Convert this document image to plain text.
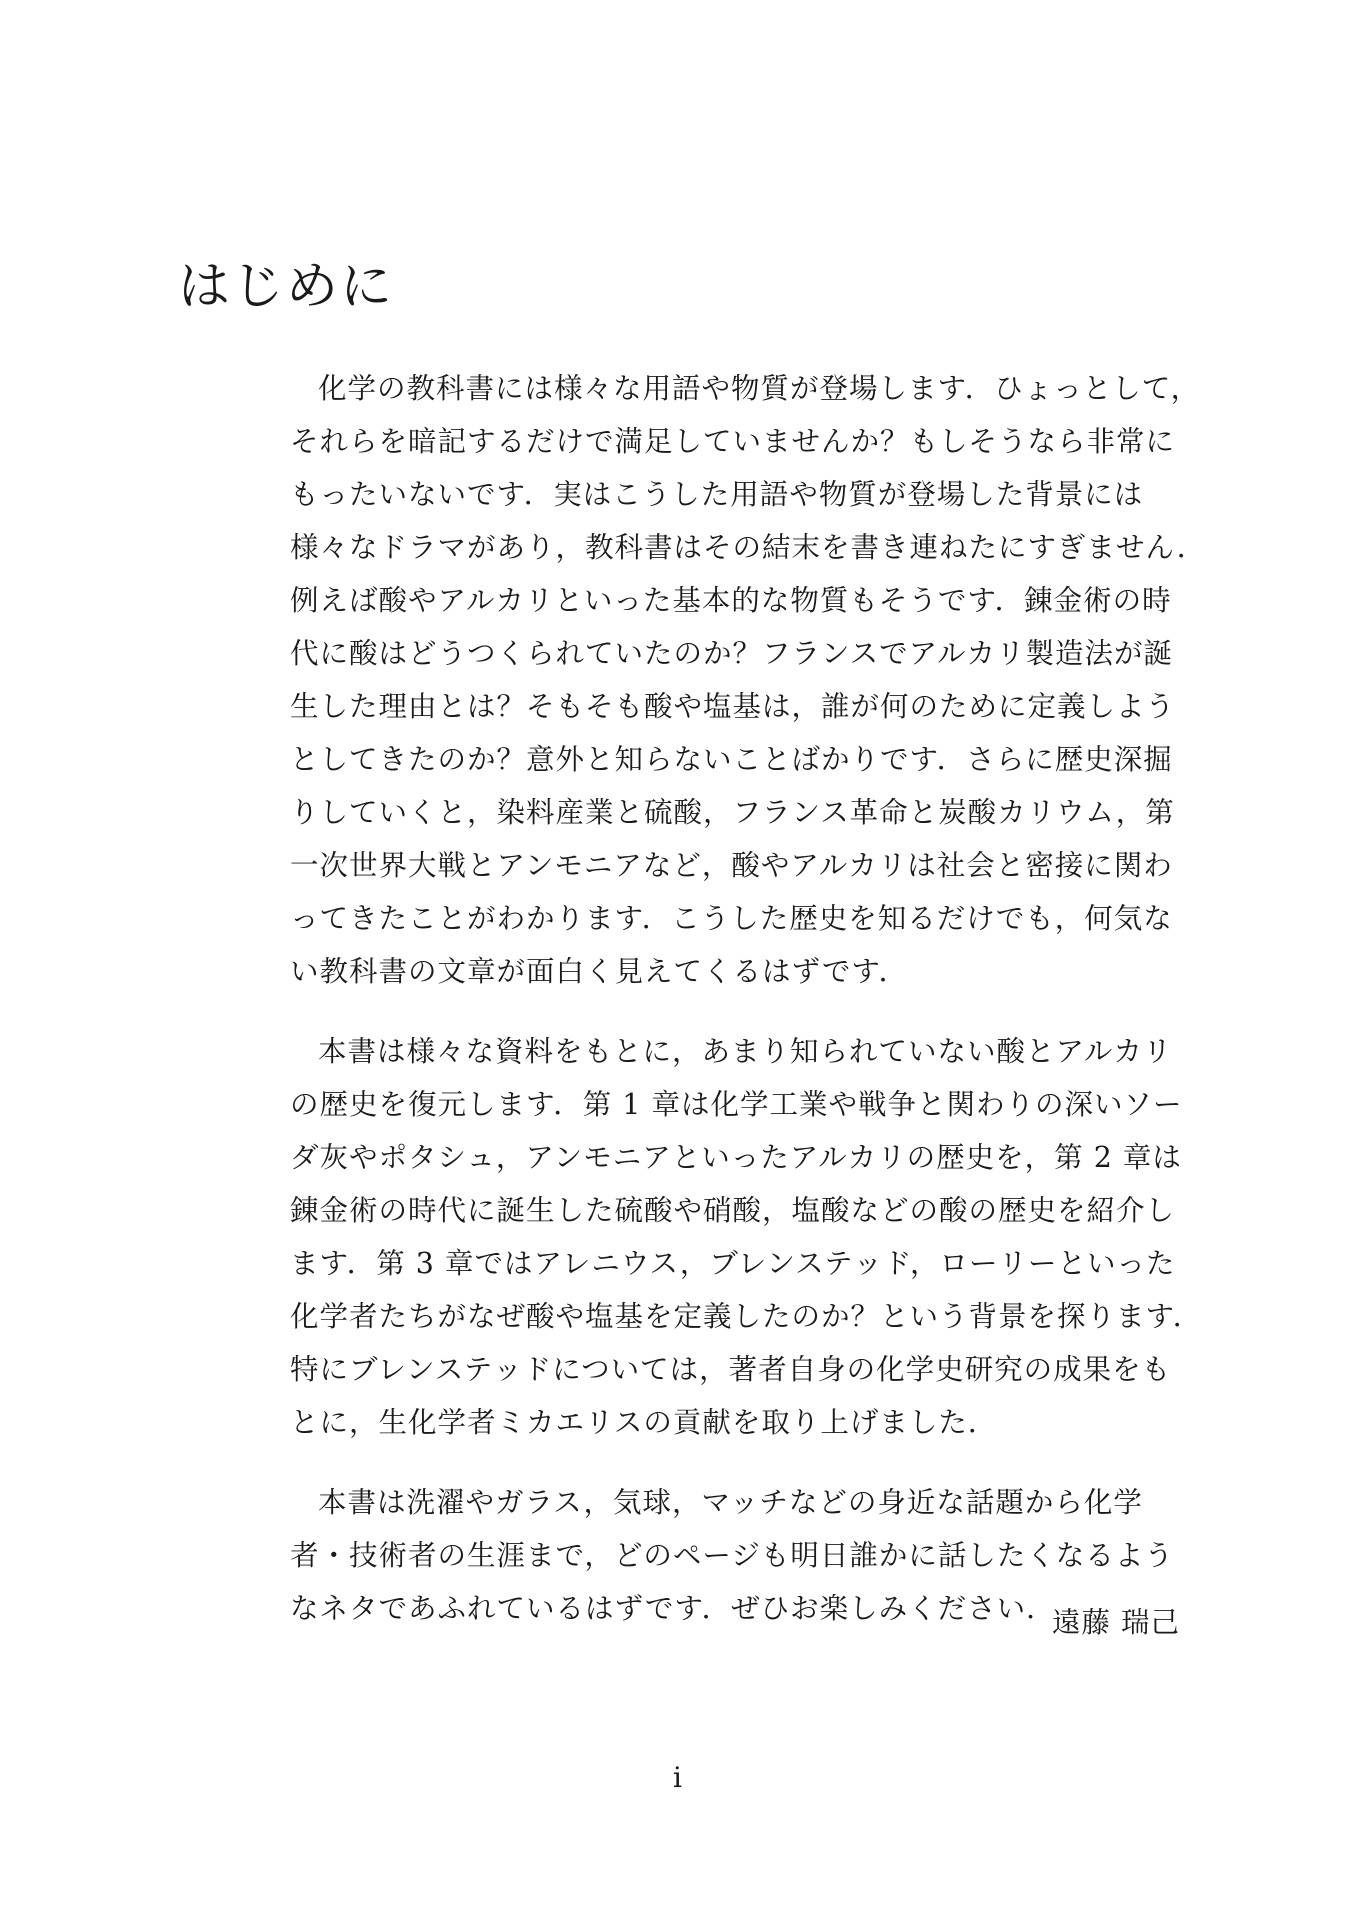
はじめに

化学の教科書には様々な用語や物質が登場します．ひょっとして，
それらを暗記するだけで満足していませんか？もしそうなら非常に
もったいないです．実はこうした用語や物質が登場した背景には
様々なドラマがあり，教科書はその結末を書き連ねたにすぎません．
例えば酸やアルカリといった基本的な物質もそうです．錬金術の時
代に酸はどうつくられていたのか？フランスでアルカリ製造法が誕
生した理由とは？そもそも酸や塩基は，誰が何のために定義しよう
としてきたのか？意外と知らないことばかりです．さらに歴史深掘
りしていくと，染料産業と硫酸，フランス革命と炭酸カリウム，第
一次世界大戦とアンモニアなど，酸やアルカリは社会と密接に関わ
ってきたことがわかります．こうした歴史を知るだけでも，何気な
い教科書の文章が面白く見えてくるはずです．

本書は様々な資料をもとに，あまり知られていない酸とアルカリ
の歴史を復元します．第 1 章は化学工業や戦争と関わりの深いソー
ダ灰やポタシュ，アンモニアといったアルカリの歴史を，第 2 章は
錬金術の時代に誕生した硫酸や硝酸，塩酸などの酸の歴史を紹介し
ます．第 3 章ではアレニウス，ブレンステッド，ローリーといった
化学者たちがなぜ酸や塩基を定義したのか？という背景を探ります．
特にブレンステッドについては，著者自身の化学史研究の成果をも
とに，生化学者ミカエリスの貢献を取り上げました．

本書は洗濯やガラス，気球，マッチなどの身近な話題から化学
者・技術者の生涯まで，どのページも明日誰かに話したくなるよう
なネタであふれているはずです．ぜひお楽しみください．

遠藤 瑞己
i
